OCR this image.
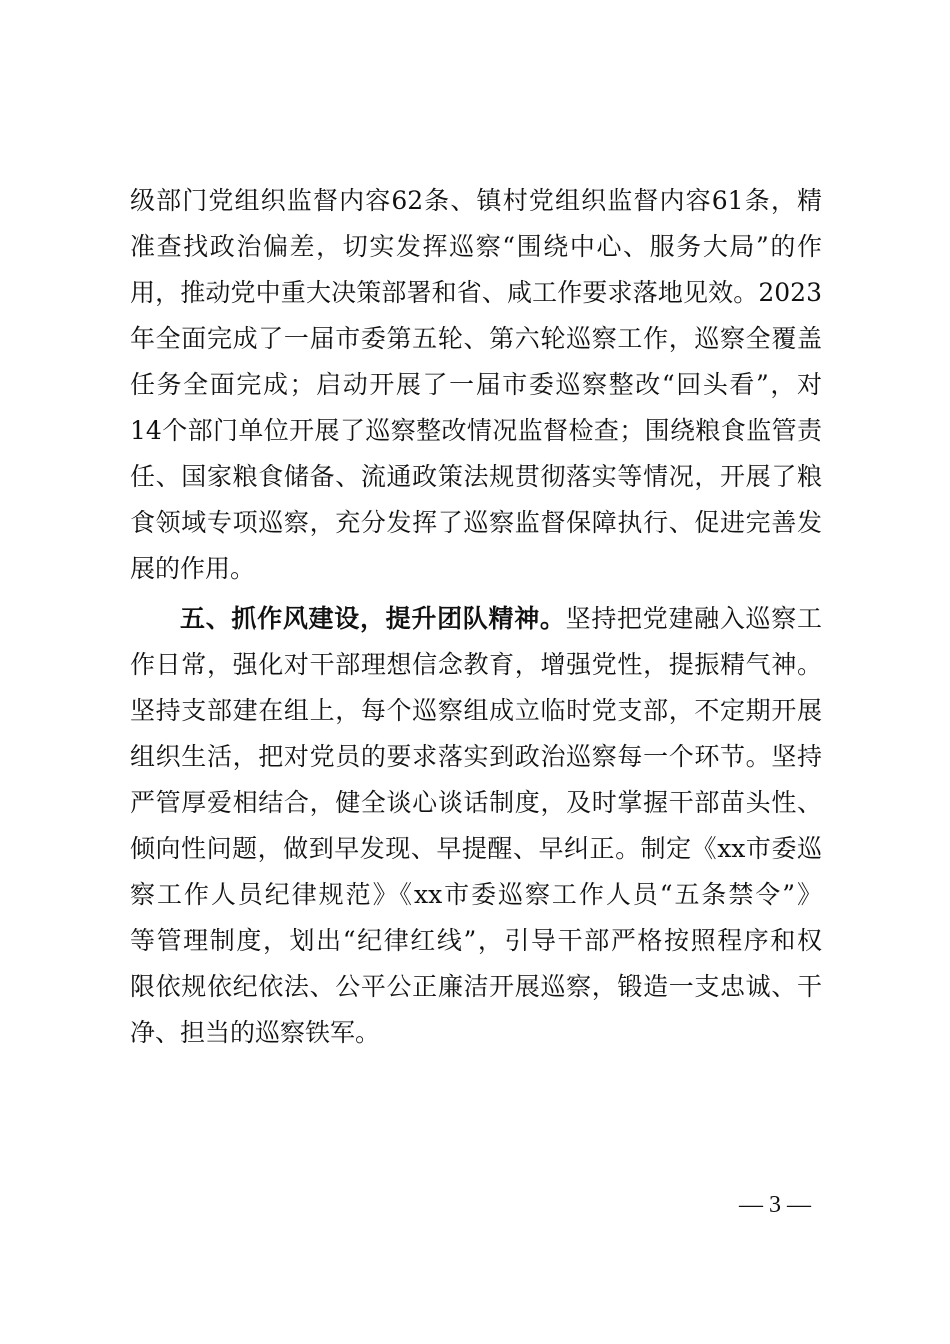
级部门党组织监督内容62条、镇村党组织监督内容61条，精
准查找政治偏差，切实发挥巡察“围绕中心、服务大局”的作
用，推动党中重大决策部署和省、咸工作要求落地见效。2023
年全面完成了一届市委第五轮、第六轮巡察工作，巡察全覆盖
任务全面完成；启动开展了一届市委巡察整改“回头看”，对
14个部门单位开展了巡察整改情况监督检查；围绕粮食监管责
任、国家粮食储备、流通政策法规贯彻落实等情况，开展了粮
食领域专项巡察，充分发挥了巡察监督保障执行、促进完善发
展的作用。
五、抓作风建设，提升团队精神。坚持把党建融入巡察工
作日常，强化对干部理想信念教育，增强党性，提振精气神。
坚持支部建在组上，每个巡察组成立临时党支部，不定期开展
组织生活，把对党员的要求落实到政治巡察每一个环节。坚持
严管厚爱相结合，健全谈心谈话制度，及时掌握干部苗头性、
倾向性问题，做到早发现、早提醒、早纠正。制定《xx市委巡
察工作人员纪律规范》《xx市委巡察工作人员“五条禁令”》
等管理制度，划出“纪律红线”，引导干部严格按照程序和权
限依规依纪依法、公平公正廉洁开展巡察，锻造一支忠诚、干
净、担当的巡察铁军。
— 3 —
